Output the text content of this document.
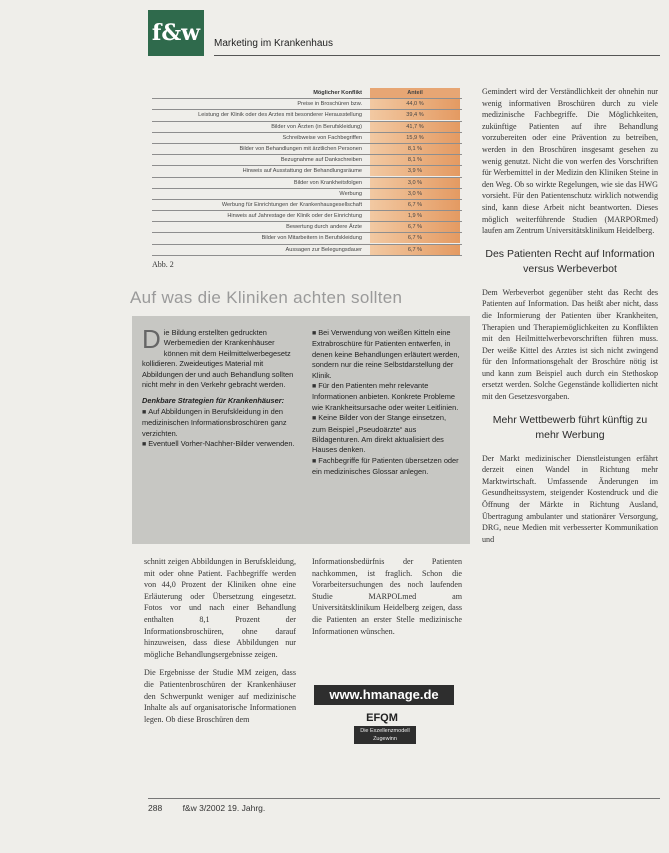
f&w	Marketing im Krankenhaus
Möglicher Konflikt	Anteil
Preise in Broschüren bzw.	44,0 %
Leistung der Klinik oder des Arztes mit besonderer Herausstellung	39,4 %
Bilder von Ärzten (in Berufskleidung)	41,7 %
Schreibweise von Fachbegriffen	15,9 %
Bilder von Behandlungen mit ärztlichen Personen	8,1 %
Bezugnahme auf Dankschreiben	8,1 %
Hinweis auf Ausstattung der Behandlungsräume	3,9 %
Bilder von Krankheitsfolgen	3,0 %
Werbung	3,0 %
Werbung für Einrichtungen der Krankenhausgesellschaft	6,7 %
Hinweis auf Jahrestage der Klinik oder der Einrichtung	1,9 %
Bewertung durch andere Ärzte	6,7 %
Bilder von Mitarbeitern in Berufskleidung	6,7 %
Aussagen zur Belegungsdauer	6,7 %
Abb. 2
Auf was die Kliniken achten sollten

Die Bildung erstellten gedruckten Werbemedien der Krankenhäuser können mit dem Heilmittelwerbegesetz kollidieren. Zweideutiges Material mit Abbildungen der und auch Behandlung sollten nicht mehr in den Verkehr gebracht werden.

Denkbare Strategien für Krankenhäuser:

■ Auf Abbildungen in Berufskleidung in den medizinischen Informationsbroschüren ganz verzichten.

■ Eventuell Vorher-Nachher-Bilder verwenden.

■ Bei Verwendung von weißen Kitteln eine Extrabroschüre für Patienten entwerfen, in denen keine Behandlungen erläutert werden, sondern nur die reine Selbstdarstellung der Klinik.

■ Für den Patienten mehr relevante Informationen anbieten. Konkrete Probleme wie Krankheitsursache oder weiter Leitlinien.

■ Keine Bilder von der Stange einsetzen, zum Beispiel „Pseudoärzte“ aus Bildagenturen. Am direkt aktualisiert des Hauses denken.

■ Fachbegriffe für Patienten übersetzen oder ein medizinisches Glossar anlegen.

schnitt zeigen Abbildungen in Berufskleidung, mit oder ohne Patient. Fachbegriffe werden von 44,0 Prozent der Kliniken ohne eine Erläuterung oder Übersetzung eingesetzt. Fotos vor und nach einer Behandlung enthalten 8,1 Prozent der Informationsbroschüren, ohne darauf hinzuweisen, dass diese Abbildungen nur mögliche Behandlungsergebnisse zeigen.

Die Ergebnisse der Studie MM zeigen, dass die Patientenbroschüren der Krankenhäuser den Schwerpunkt weniger auf medizinische Inhalte als auf organisatorische Informationen legen. Ob diese Broschüren dem

Informationsbedürfnis der Patienten nachkommen, ist fraglich. Schon die Vorarbeitersuchungen des noch laufenden Studie MARPOLmed am Universitätsklinikum Heidelberg zeigen, dass die Patienten an erster Stelle medizinische Informationen wünschen.

www.hmanage.de
EFQM
Die Exzellenzmodell
Zugewinn Qualitätsmanagement

Gemindert wird der Verständlichkeit der ohnehin nur wenig informativen Broschüren durch zu viele medizinische Fachbegriffe. Die Möglichkeiten, zukünftige Patienten auf ihre Behandlung vorzubereiten oder eine Prävention zu betreiben, werden in den Broschüren insgesamt gesehen zu wenig genutzt. Nicht die von werfen des Vorschriften für Werbemittel in der Medizin den Kliniken Steine in den Weg. Ob so wirkte Regelungen, wie sie das HWG vorsieht. Für den Patientenschutz wirklich notwendig sind, kann diese Arbeit nicht beantworten. Dieses möglich weiterführende Studien (MARPORmed) laufen am Zentrum Universitätsklinikum Heidelberg.

Des Patienten Recht auf Information versus Werbeverbot

Dem Werbeverbot gegenüber steht das Recht des Patienten auf Information. Das heißt aber nicht, dass die Informierung der Patienten über Krankheiten, Therapien und Therapiemöglichkeiten zu Konflikten mit den Heilmittelwerbevorschriften führen muss. Der weiße Kittel des Arztes ist sich nicht zwingend für den Informationsgehalt der Broschüre nötig ist und kann zum Beispiel auch durch ein Stethoskop ersetzt werden. Solche Gegenstände kollidierten nicht mit den Gesetzesvorgaben.

Mehr Wettbewerb führt künftig zu mehr Werbung

Der Markt medizinischer Dienstleistungen erfährt derzeit einen Wandel in Richtung mehr Marktwirtschaft. Umfassende Änderungen im Gesundheitssystem, steigender Kostendruck und die Öffnung der Märkte in Richtung Ausland, Übertragung ambulanter und stationärer Versorgung, DRG, neue Medien mit verbesserter Kommunikation und

288 f&w 3/2002 19. Jahrg.
